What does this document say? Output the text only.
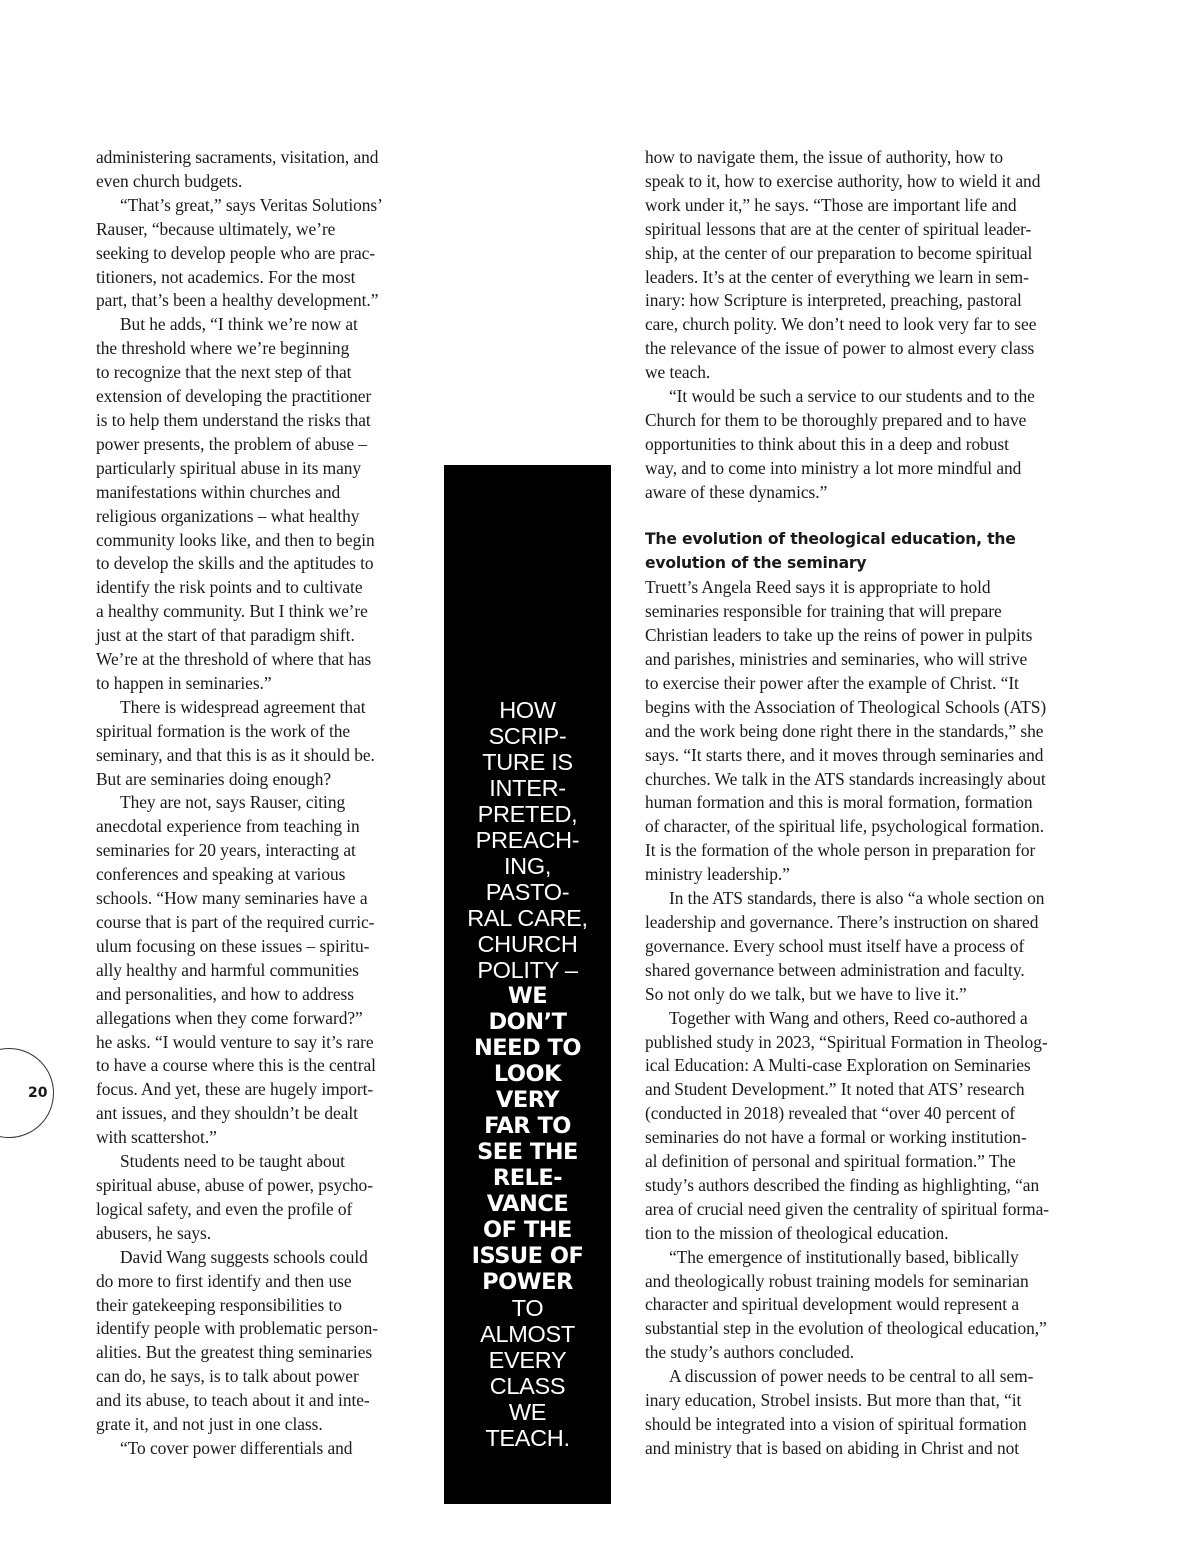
administering sacraments, visitation, and
even church budgets.
“That’s great,” says Veritas Solutions’
Rauser, “because ultimately, we’re
seeking to develop people who are prac-
titioners, not academics. For the most
part, that’s been a healthy development.”
But he adds, “I think we’re now at
the threshold where we’re beginning
to recognize that the next step of that
extension of developing the practitioner
is to help them understand the risks that
power presents, the problem of abuse –
particularly spiritual abuse in its many
manifestations within churches and
religious organizations – what healthy
community looks like, and then to begin
to develop the skills and the aptitudes to
identify the risk points and to cultivate
a healthy community. But I think we’re
just at the start of that paradigm shift.
We’re at the threshold of where that has
to happen in seminaries.”
There is widespread agreement that
spiritual formation is the work of the
seminary, and that this is as it should be.
But are seminaries doing enough?
They are not, says Rauser, citing
anecdotal experience from teaching in
seminaries for 20 years, interacting at
conferences and speaking at various
schools. “How many seminaries have a
course that is part of the required curric-
ulum focusing on these issues – spiritu-
ally healthy and harmful communities
and personalities, and how to address
allegations when they come forward?”
he asks. “I would venture to say it’s rare
to have a course where this is the central
focus. And yet, these are hugely import-
ant issues, and they shouldn’t be dealt
with scattershot.”
Students need to be taught about
spiritual abuse, abuse of power, psycho-
logical safety, and even the profile of
abusers, he says.
David Wang suggests schools could
do more to first identify and then use
their gatekeeping responsibilities to
identify people with problematic person-
alities. But the greatest thing seminaries
can do, he says, is to talk about power
and its abuse, to teach about it and inte-
grate it, and not just in one class.
“To cover power differentials and
HOW
SCRIP-
TURE IS
INTER-
PRETED,
PREACH-
ING,
PASTO-
RAL CARE,
CHURCH
POLITY –
WE
DON’T
NEED TO
LOOK
VERY
FAR TO
SEE THE
RELE-
VANCE
OF THE
ISSUE OF
POWER
TO
ALMOST
EVERY
CLASS
WE
TEACH.
how to navigate them, the issue of authority, how to
speak to it, how to exercise authority, how to wield it and
work under it,” he says. “Those are important life and
spiritual lessons that are at the center of spiritual leader-
ship, at the center of our preparation to become spiritual
leaders. It’s at the center of everything we learn in sem-
inary: how Scripture is interpreted, preaching, pastoral
care, church polity. We don’t need to look very far to see
the relevance of the issue of power to almost every class
we teach.
“It would be such a service to our students and to the
Church for them to be thoroughly prepared and to have
opportunities to think about this in a deep and robust
way, and to come into ministry a lot more mindful and
aware of these dynamics.”
The evolution of theological education, the
evolution of the seminary
Truett’s Angela Reed says it is appropriate to hold
seminaries responsible for training that will prepare
Christian leaders to take up the reins of power in pulpits
and parishes, ministries and seminaries, who will strive
to exercise their power after the example of Christ. “It
begins with the Association of Theological Schools (ATS)
and the work being done right there in the standards,” she
says. “It starts there, and it moves through seminaries and
churches. We talk in the ATS standards increasingly about
human formation and this is moral formation, formation
of character, of the spiritual life, psychological formation.
It is the formation of the whole person in preparation for
ministry leadership.”
In the ATS standards, there is also “a whole section on
leadership and governance. There’s instruction on shared
governance. Every school must itself have a process of
shared governance between administration and faculty.
So not only do we talk, but we have to live it.”
Together with Wang and others, Reed co-authored a
published study in 2023, “Spiritual Formation in Theolog-
ical Education: A Multi-case Exploration on Seminaries
and Student Development.” It noted that ATS’ research
(conducted in 2018) revealed that “over 40 percent of
seminaries do not have a formal or working institution-
al definition of personal and spiritual formation.” The
study’s authors described the finding as highlighting, “an
area of crucial need given the centrality of spiritual forma-
tion to the mission of theological education.
“The emergence of institutionally based, biblically
and theologically robust training models for seminarian
character and spiritual development would represent a
substantial step in the evolution of theological education,”
the study’s authors concluded.
A discussion of power needs to be central to all sem-
inary education, Strobel insists. But more than that, “it
should be integrated into a vision of spiritual formation
and ministry that is based on abiding in Christ and not
20
